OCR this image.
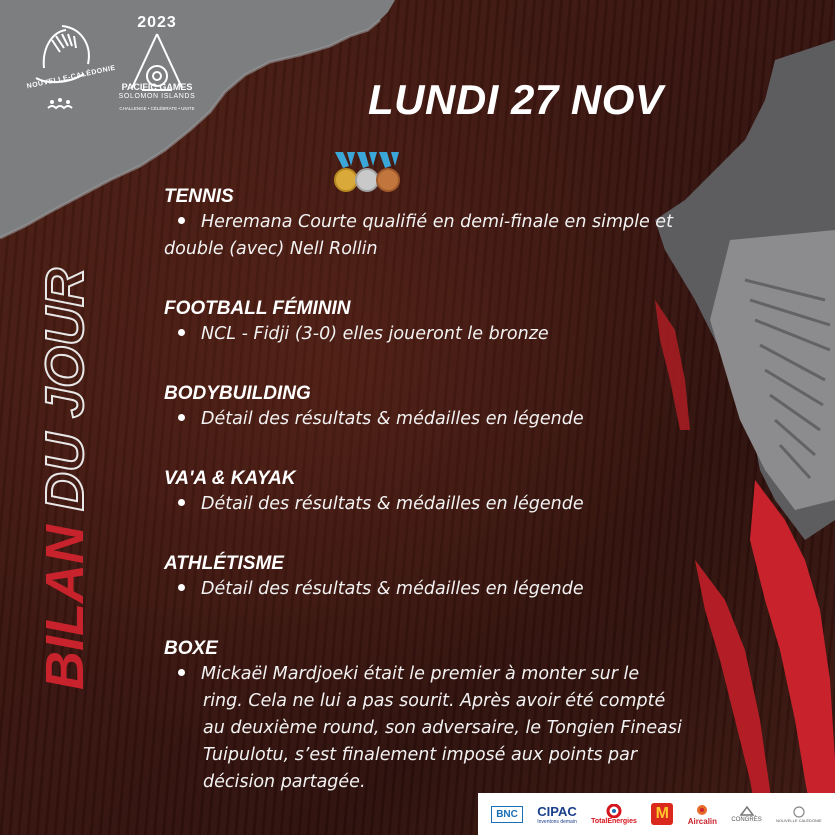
NOUVELLE-CALÉDONIE
2023
PACIFIC GAMES
SOLOMON ISLANDS
CHALLENGE • CÉLÉBRATE • UNITE	LUNDI 27 NOV
BILANDU JOUR

TENNIS

Heremana Courte qualifié en demi-finale en simple et double (avec) Nell Rollin

FOOTBALL FÉMININ

NCL - Fidji (3-0) elles joueront le bronze

BODYBUILDING

Détail des résultats & médailles en légende

VA'A & KAYAK

Détail des résultats & médailles en légende

ATHLÉTISME

Détail des résultats & médailles en légende

BOXE

Mickaël Mardjoeki était le premier à monter sur le ring. Cela ne lui a pas sourit. Après avoir été compté au deuxième round, son adversaire, le Tongien Fineasi Tuipulotu, s’est finalement imposé aux points par décision partagée.

BNC	CIPAC
Inventons demain TotalEnergies M	Aircalin CONGRÈS	NOUVELLE CALÉDONIE
